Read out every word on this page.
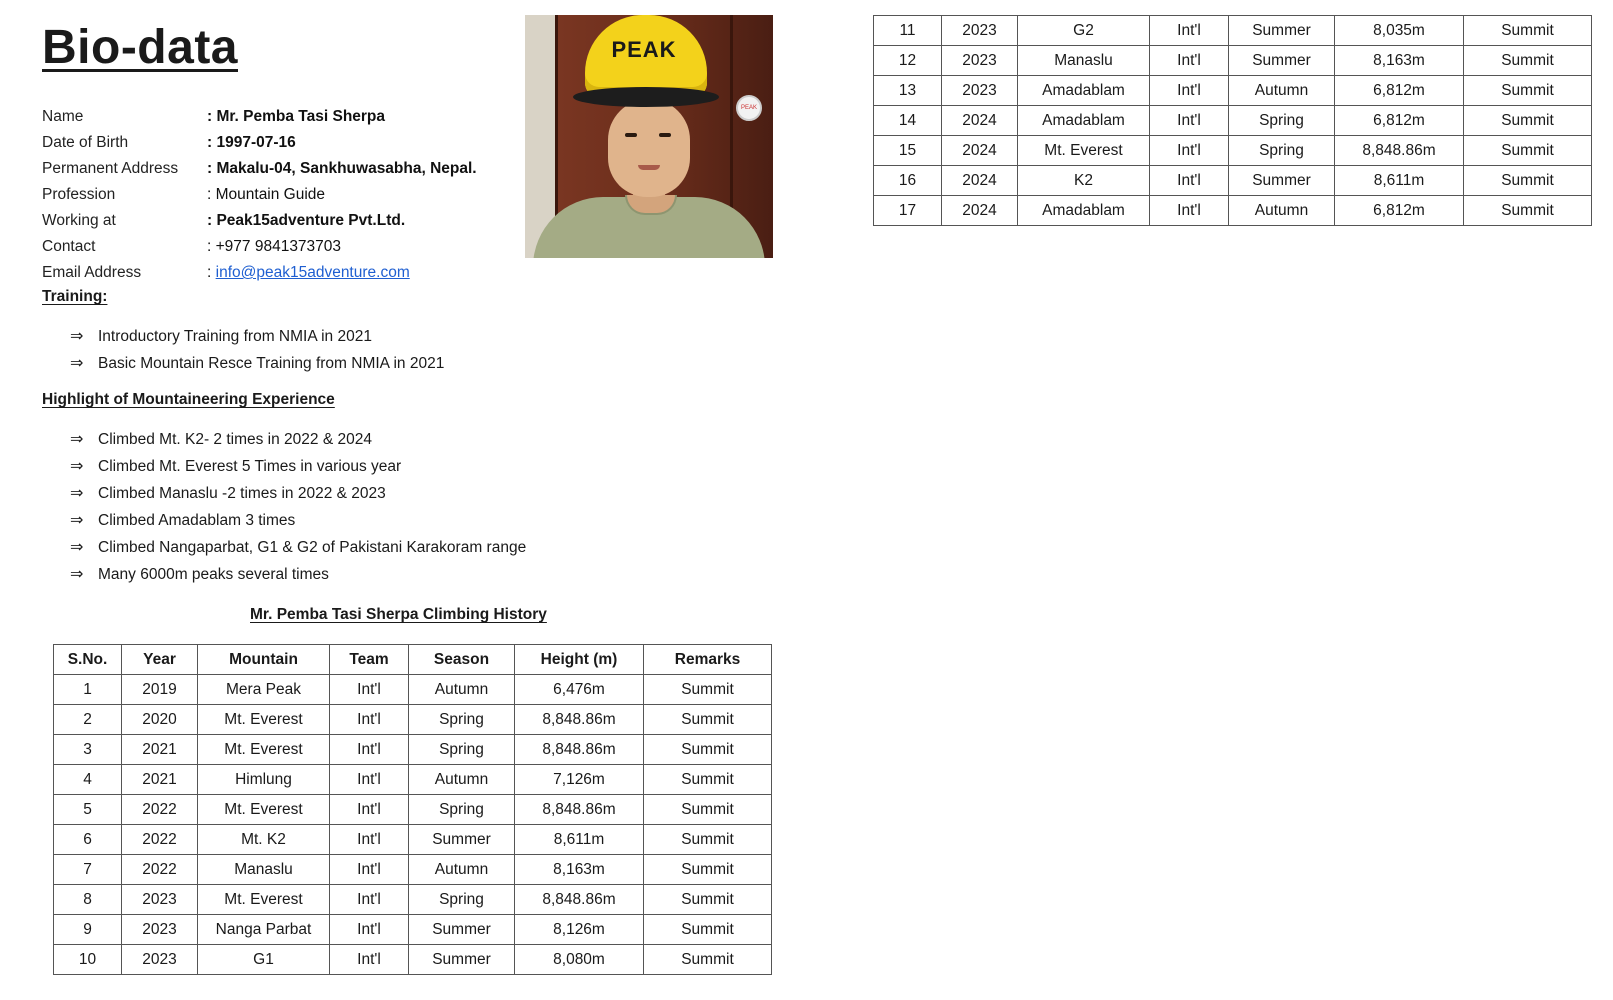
Bio-data
Name	: Mr. Pemba Tasi Sherpa
Date of Birth	: 1997-07-16
Permanent Address	: Makalu-04, Sankhuwasabha, Nepal.
Profession	: Mountain Guide
Working at	: Peak15adventure Pvt.Ltd.
Contact	: +977 9841373703
Email Address	: info@peak15adventure.com
PEAK
PEAK
Training:
⇒ Introductory Training from NMIA in 2021
⇒ Basic Mountain Resce Training from NMIA in 2021
Highlight of Mountaineering Experience
⇒ Climbed Mt. K2- 2 times in 2022 & 2024
⇒ Climbed Mt. Everest 5 Times in various year
⇒ Climbed Manaslu -2 times in 2022 & 2023
⇒ Climbed Amadablam 3 times
⇒ Climbed Nangaparbat, G1 & G2 of Pakistani Karakoram range
⇒ Many 6000m peaks several times
Mr. Pemba Tasi Sherpa Climbing History
S.No.	Year	Mountain	Team	Season	Height (m)	Remarks
1	2019	Mera Peak	Int'l	Autumn	6,476m	Summit
2	2020	Mt. Everest	Int'l	Spring	8,848.86m	Summit
3	2021	Mt. Everest	Int'l	Spring	8,848.86m	Summit
4	2021	Himlung	Int'l	Autumn	7,126m	Summit
5	2022	Mt. Everest	Int'l	Spring	8,848.86m	Summit
6	2022	Mt. K2	Int'l	Summer	8,611m	Summit
7	2022	Manaslu	Int'l	Autumn	8,163m	Summit
8	2023	Mt. Everest	Int'l	Spring	8,848.86m	Summit
9	2023	Nanga Parbat	Int'l	Summer	8,126m	Summit
10	2023	G1	Int'l	Summer	8,080m	Summit
11	2023	G2	Int'l	Summer	8,035m	Summit
12	2023	Manaslu	Int'l	Summer	8,163m	Summit
13	2023	Amadablam	Int'l	Autumn	6,812m	Summit
14	2024	Amadablam	Int'l	Spring	6,812m	Summit
15	2024	Mt. Everest	Int'l	Spring	8,848.86m	Summit
16	2024	K2	Int'l	Summer	8,611m	Summit
17	2024	Amadablam	Int'l	Autumn	6,812m	Summit
